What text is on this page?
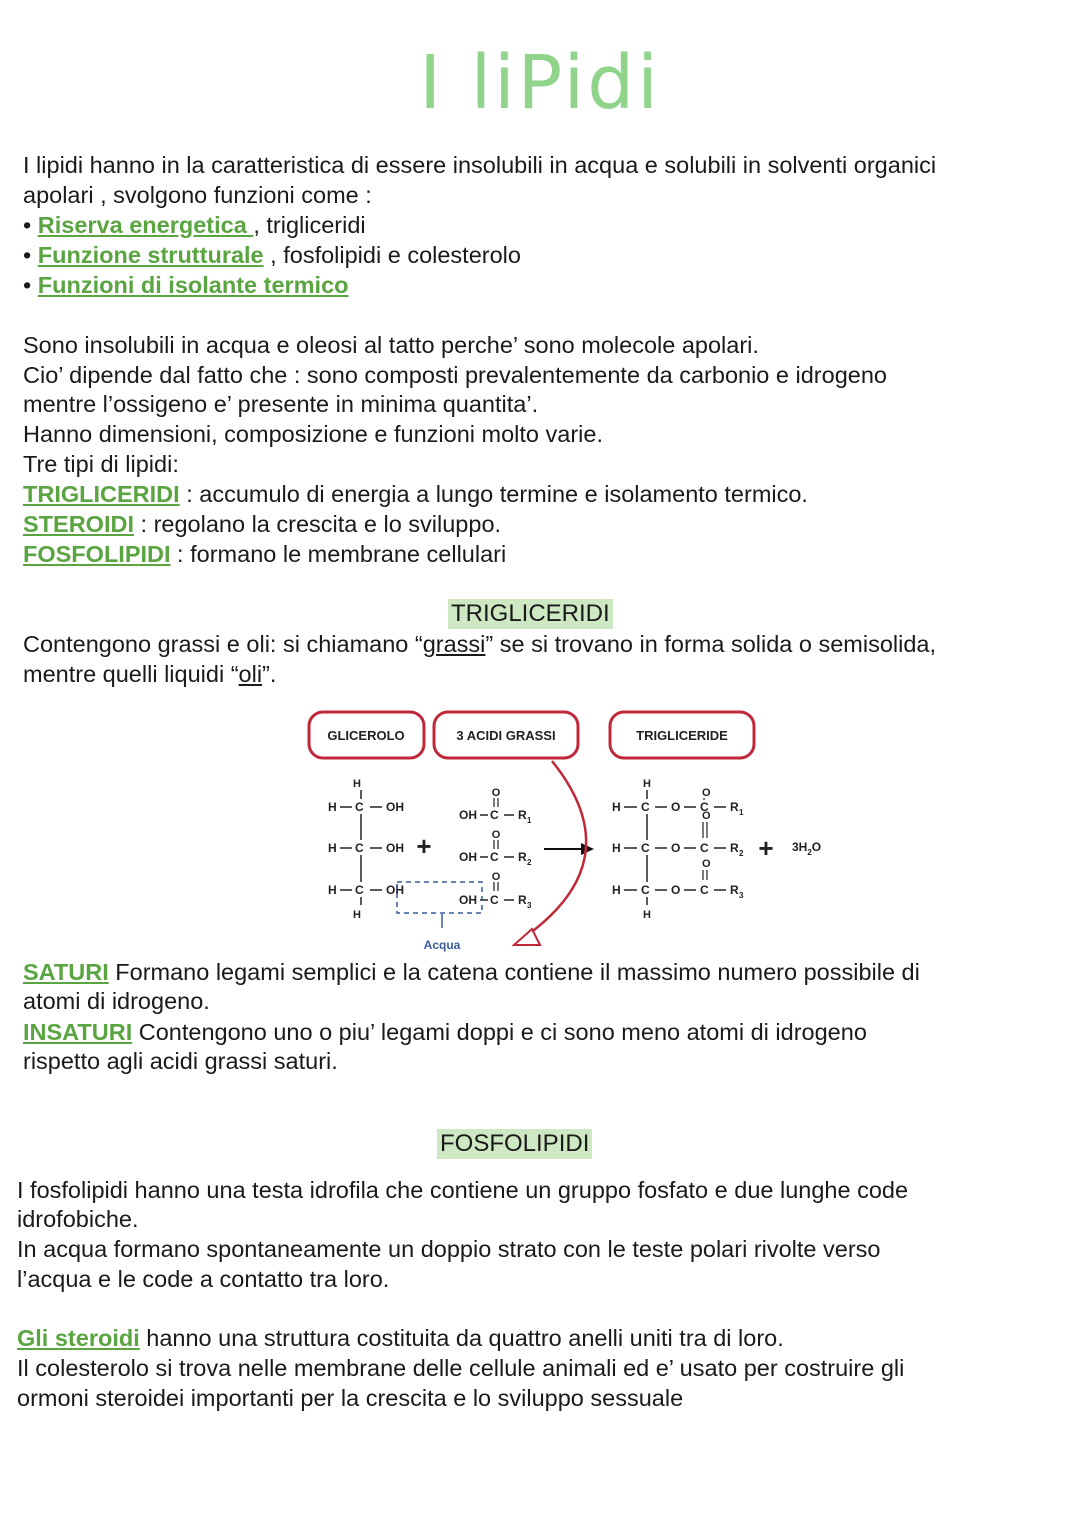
I liPidi
I lipidi hanno in la caratteristica di essere insolubili in acqua e solubili in solventi organici
apolari , svolgono funzioni come :
• Riserva energetica , trigliceridi
• Funzione strutturale , fosfolipidi e colesterolo
• Funzioni di isolante termico
Sono insolubili in acqua e oleosi al tatto perche’ sono molecole apolari.
Cio’ dipende dal fatto che : sono composti prevalentemente da carbonio e idrogeno
mentre l’ossigeno e’ presente in minima quantita’.
Hanno dimensioni, composizione e funzioni molto varie.
Tre tipi di lipidi:
TRIGLICERIDI : accumulo di energia a lungo termine e isolamento termico.
STEROIDI : regolano la crescita e lo sviluppo.
FOSFOLIPIDI : formano le membrane cellulari
TRIGLICERIDI
Contengono grassi e oli: si chiamano “grassi” se si trovano in forma solida o semisolida,
mentre quelli liquidi “oli”.
GLICEROLO	3 ACIDI GRASSI	TRIGLICERIDE
H
H C OH
H C OH
H C OH
H
+
O
OH C R 1
O
OH C R 2
O
OH C R 3
Acqua
H
H C O
O
C R 1
H C O
O
C R 2
H C O
O
C R 3
H
+ $3H_2O$
SATURI Formano legami semplici e la catena contiene il massimo numero possibile di
atomi di idrogeno.
INSATURI Contengono uno o piu’ legami doppi e ci sono meno atomi di idrogeno
rispetto agli acidi grassi saturi.
FOSFOLIPIDI
I fosfolipidi hanno una testa idrofila che contiene un gruppo fosfato e due lunghe code
idrofobiche.
In acqua formano spontaneamente un doppio strato con le teste polari rivolte verso
l’acqua e le code a contatto tra loro.
Gli steroidi hanno una struttura costituita da quattro anelli uniti tra di loro.
Il colesterolo si trova nelle membrane delle cellule animali ed e’ usato per costruire gli
ormoni steroidei importanti per la crescita e lo sviluppo sessuale
